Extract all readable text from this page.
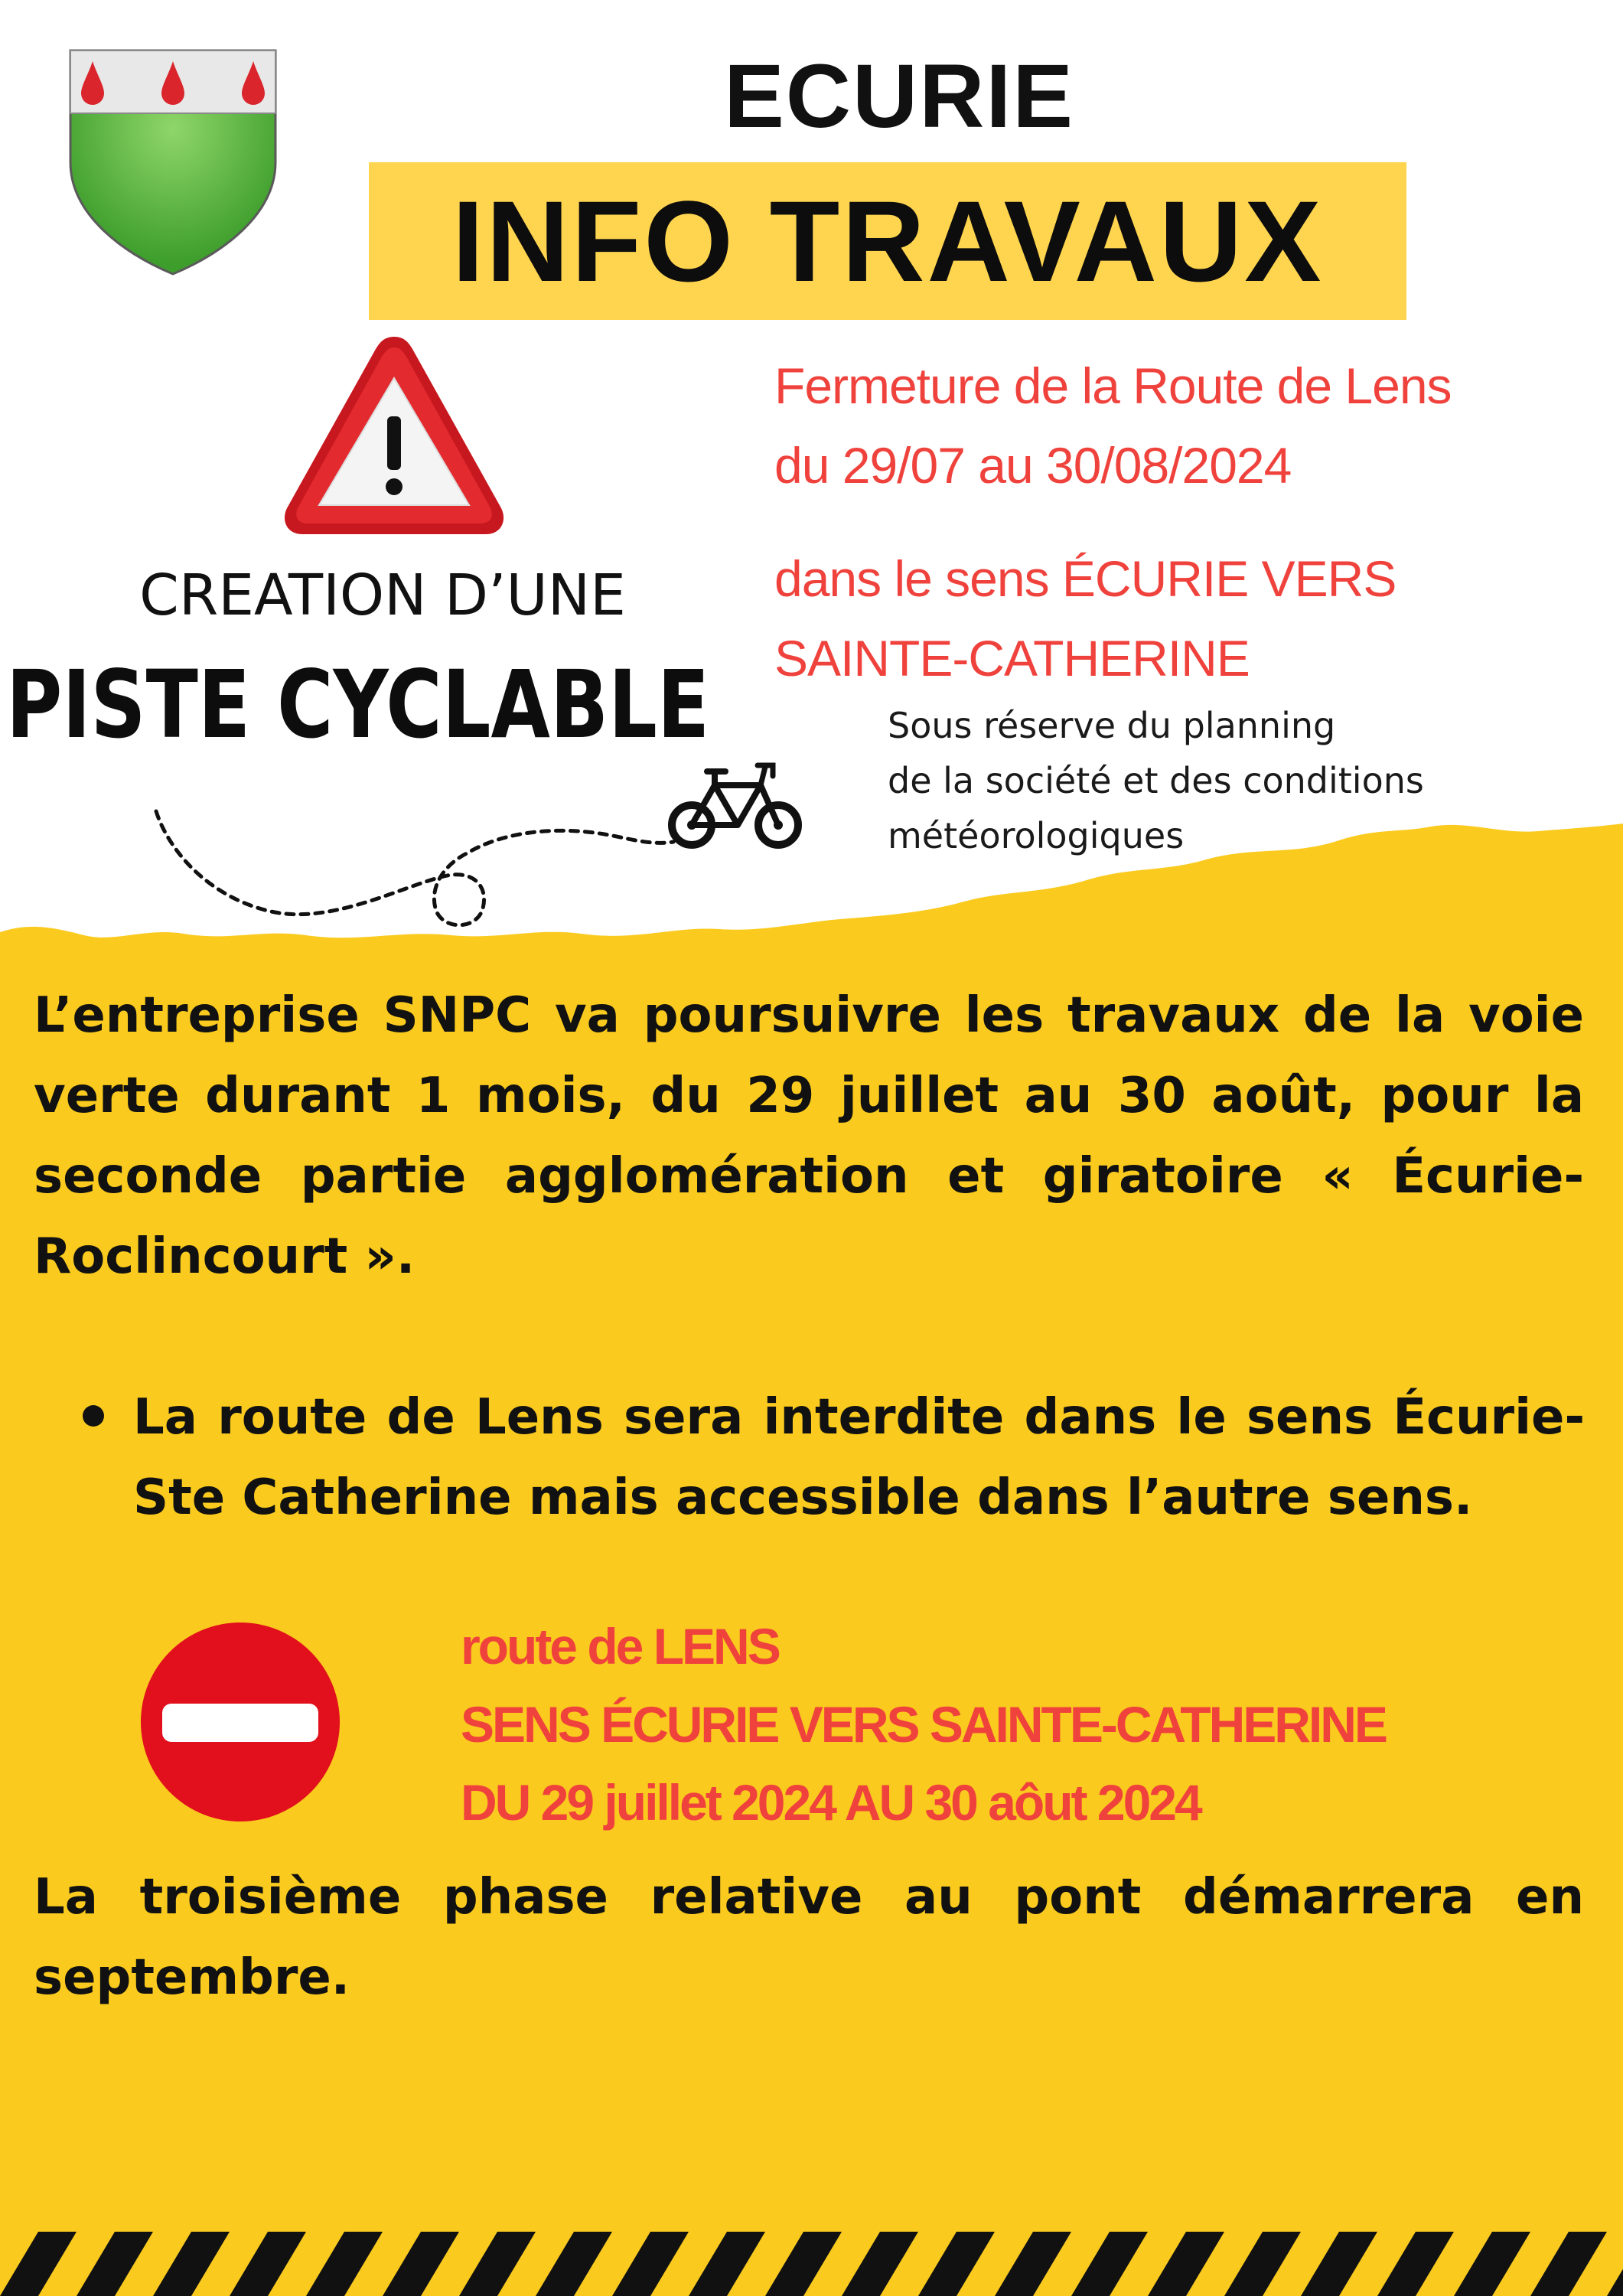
ECURIE
INFO TRAVAUX
CREATION D’UNE
PISTE CYCLABLE
Fermeture de la Route de Lens
du 29/07 au 30/08/2024
dans le sens ÉCURIE VERS
SAINTE-CATHERINE
Sous réserve du planning
de la société et des conditions
météorologiques
L’entreprise SNPC va poursuivre les travaux de la voie verte durant 1 mois, du 29 juillet au 30 août, pour la seconde partie agglomération et giratoire « Écurie-Roclincourt ».
La route de Lens sera interdite dans le sens Écurie-Ste Catherine mais accessible dans l’autre sens.
route de LENS
SENS ÉCURIE VERS SAINTE-CATHERINE
DU 29 juillet 2024 AU 30 aôut 2024
La troisième phase relative au pont démarrera en septembre.
